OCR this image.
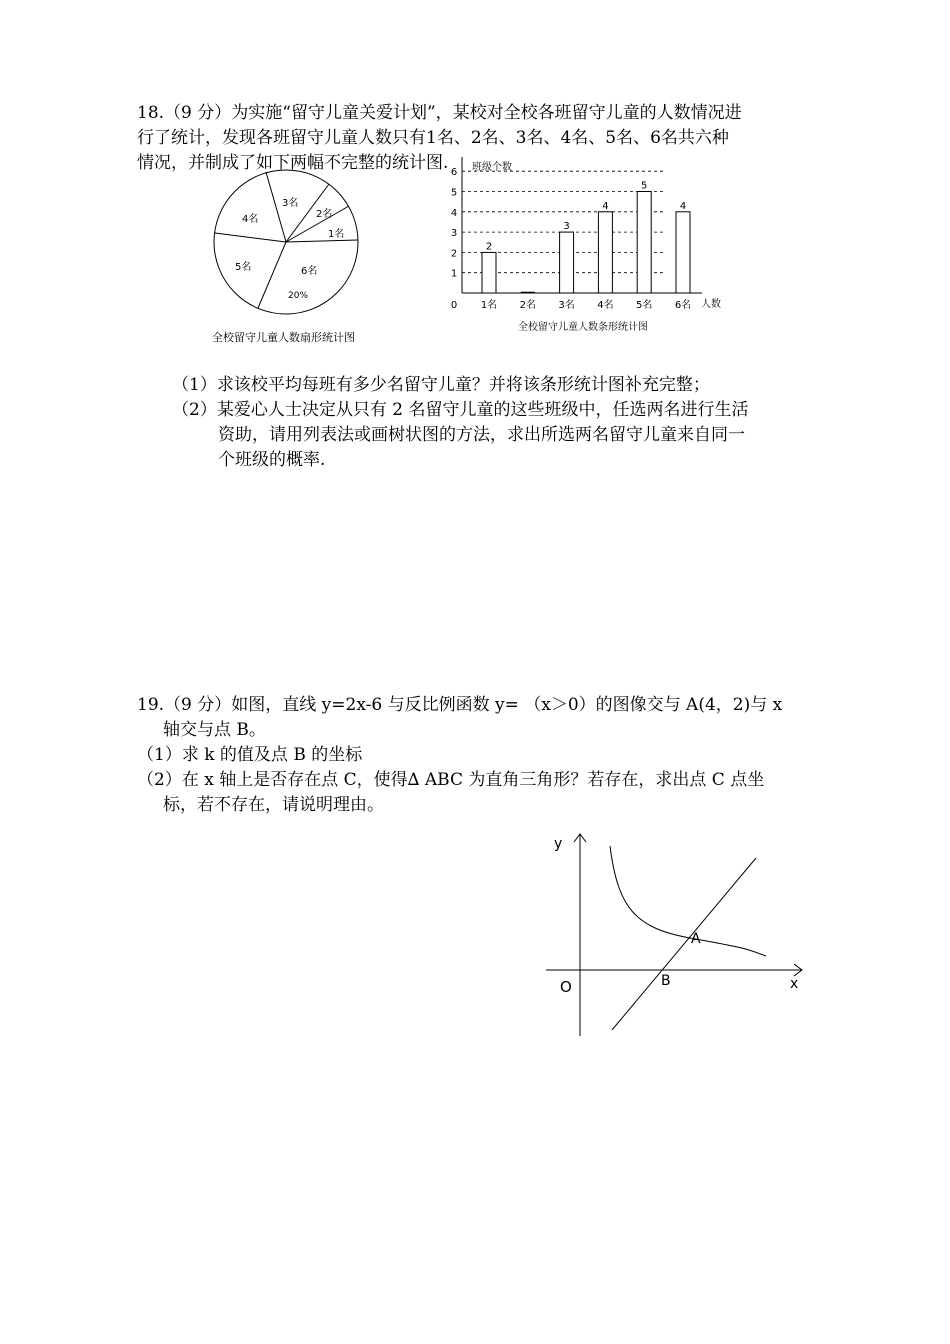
18.（9 分）为实施“留守儿童关爱计划”，某校对全校各班留守儿童的人数情况进
行了统计，发现各班留守儿童人数只有1名、2名、3名、4名、5名、6名共六种
情况，并制成了如下两幅不完整的统计图.
3名
2名
1名
4名
5名	6名
20%
全校留守儿童人数扇形统计图
班级个数
人数
0
1
2
3
4
5
6
1名
2
2名 3名
3
4名
4
5名
5
6名
4
全校留守儿童人数条形统计图
（1）求该校平均每班有多少名留守儿童？并将该条形统计图补充完整；
（2）某爱心人士决定从只有 2 名留守儿童的这些班级中，任选两名进行生活
资助，请用列表法或画树状图的方法，求出所选两名留守儿童来自同一
个班级的概率.
19.（9 分）如图，直线 y=2x-6 与反比例函数 y= （x＞0）的图像交与 A(4，2)与 x
轴交与点 B。
（1）求 k 的值及点 B 的坐标
（2）在 x 轴上是否存在点 C，使得∆ ABC 为直角三角形？若存在，求出点 C 点坐
标，若不存在，请说明理由。
y
x
O
A
B
